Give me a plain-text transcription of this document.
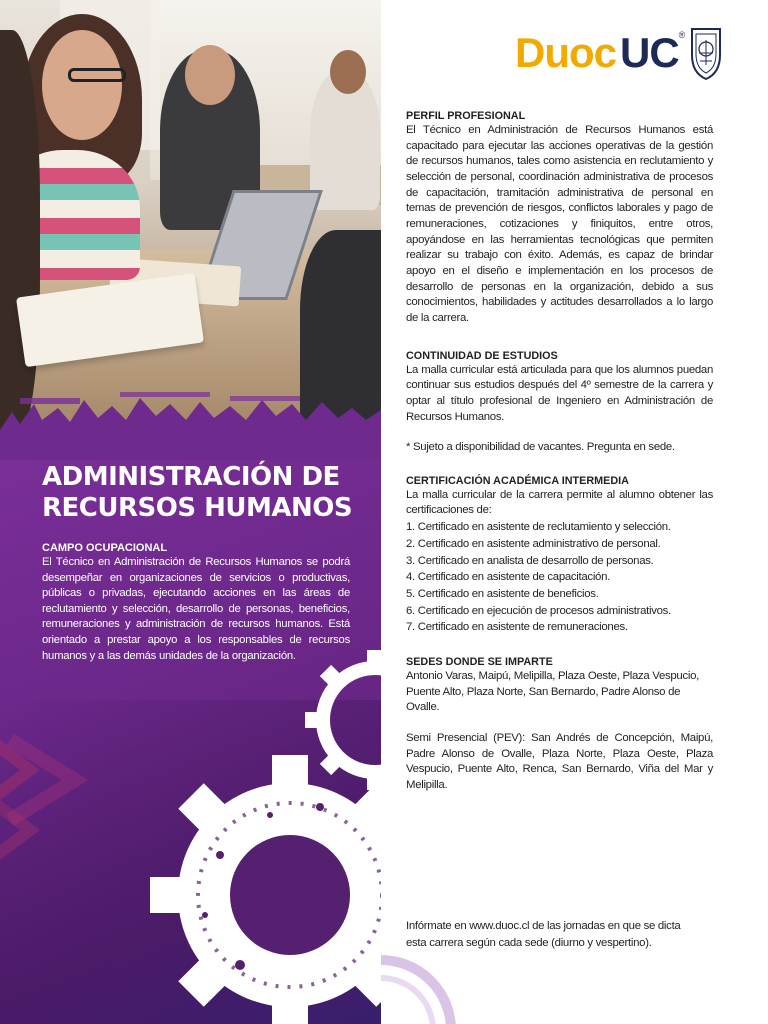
ADMINISTRACIÓN DE
RECURSOS HUMANOS
CAMPO OCUPACIONAL

El Técnico en Administración de Recursos Humanos se podrá desempeñar en organizaciones de servicios o productivas, públicas o privadas, ejecutando acciones en las áreas de reclutamiento y selección, desarrollo de personas, beneficios, remuneraciones y administración de recursos humanos. Está orientado a prestar apoyo a los responsables de recursos humanos y a las demás unidades de la organización.

Duoc UC ®
PERFIL PROFESIONAL

El Técnico en Administración de Recursos Humanos está capacitado para ejecutar las acciones operativas de la gestión de recursos humanos, tales como asistencia en reclutamiento y selección de personal, coordinación administrativa de procesos de capacitación, tramitación administrativa de personal en temas de prevención de riesgos, conflictos laborales y pago de remuneraciones, cotizaciones y finiquitos, entre otros, apoyándose en las herramientas tecnológicas que permiten realizar su trabajo con éxito. Además, es capaz de brindar apoyo en el diseño e implementación en los procesos de desarrollo de personas en la organización, debido a sus conocimientos, habilidades y actitudes desarrollados a lo largo de la carrera.

CONTINUIDAD DE ESTUDIOS

La malla curricular está articulada para que los alumnos puedan continuar sus estudios después del 4º semestre de la carrera y optar al título profesional de Ingeniero en Administración de Recursos Humanos.

* Sujeto a disponibilidad de vacantes. Pregunta en sede.

CERTIFICACIÓN ACADÉMICA INTERMEDIA

La malla curricular de la carrera permite al alumno obtener las certificaciones de:

1. Certificado en asistente de reclutamiento y selección.
2. Certificado en asistente administrativo de personal.
3. Certificado en analista de desarrollo de personas.
4. Certificado en asistente de capacitación.
5. Certificado en asistente de beneficios.
6. Certificado en ejecución de procesos administrativos.
7. Certificado en asistente de remuneraciones.
SEDES DONDE SE IMPARTE

Antonio Varas, Maipú, Melipilla, Plaza Oeste, Plaza Vespucio, Puente Alto, Plaza Norte, San Bernardo, Padre Alonso de Ovalle.

Semi Presencial (PEV): San Andrés de Concepción, Maipú, Padre Alonso de Ovalle, Plaza Norte, Plaza Oeste, Plaza Vespucio, Puente Alto, Renca, San Bernardo, Viña del Mar y Melipilla.

Infórmate en www.duoc.cl de las jornadas en que se dicta
esta carrera según cada sede (diurno y vespertino).
